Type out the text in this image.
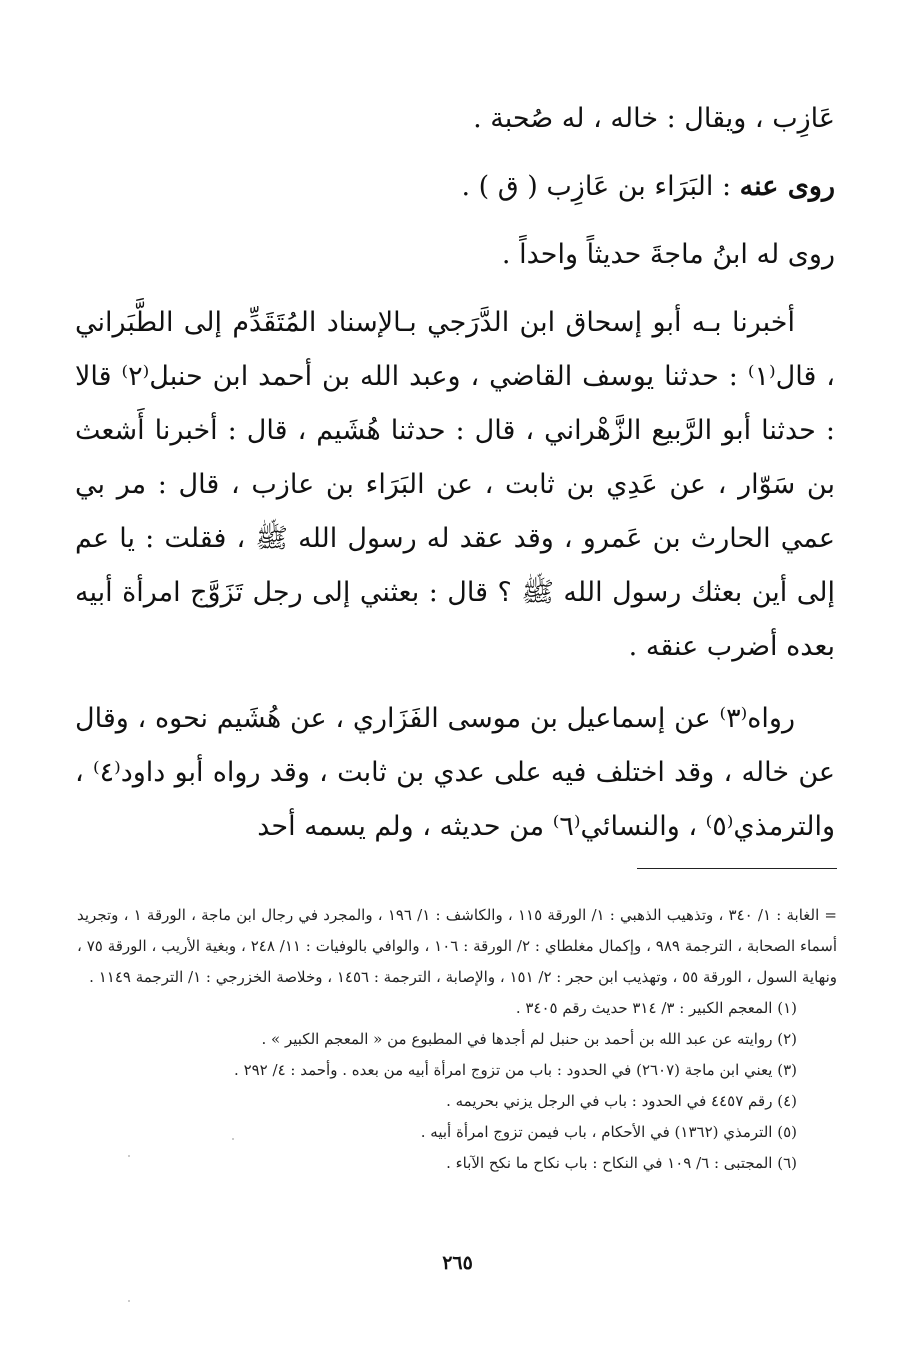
عَازِب ، ويقال : خاله ، له صُحبة .

روى عنه : البَرَاء بن عَازِب ( ق ) .

روى له ابنُ ماجةَ حديثاً واحداً .

أخبرنا بـه أبو إسحاق ابن الدَّرَجي بـالإسناد المُتَقَدِّم إلى الطَّبَراني ، قال⁽١⁾ : حدثنا يوسف القاضي ، وعبد الله بن أحمد ابن حنبل⁽٢⁾ قالا : حدثنا أبو الرَّبيع الزَّهْراني ، قال : حدثنا هُشَيم ، قال : أخبرنا أَشعث بن سَوّار ، عن عَدِي بن ثابت ، عن البَرَاء بن عازب ، قال : مر بي عمي الحارث بن عَمرو ، وقد عقد له رسول الله ﷺ ، فقلت : يا عم إلى أين بعثك رسول الله ﷺ ؟ قال : بعثني إلى رجل تَزَوَّج امرأة أبيه بعده أضرب عنقه .

رواه⁽٣⁾ عن إسماعيل بن موسى الفَزَاري ، عن هُشَيم نحوه ، وقال عن خاله ، وقد اختلف فيه على عدي بن ثابت ، وقد رواه أبو داود⁽٤⁾ ، والترمذي⁽٥⁾ ، والنسائي⁽٦⁾ من حديثه ، ولم يسمه أحد

= الغابة : ١/ ٣٤٠ ، وتذهيب الذهبي : ١/ الورقة ١١٥ ، والكاشف : ١/ ١٩٦ ، والمجرد في رجال ابن ماجة ، الورقة ١ ، وتجريد أسماء الصحابة ، الترجمة ٩٨٩ ، وإكمال مغلطاي : ٢/ الورقة : ١٠٦ ، والوافي بالوفيات : ١١/ ٢٤٨ ، وبغية الأريب ، الورقة ٧٥ ، ونهاية السول ، الورقة ٥٥ ، وتهذيب ابن حجر : ٢/ ١٥١ ، والإصابة ، الترجمة : ١٤٥٦ ، وخلاصة الخزرجي : ١/ الترجمة ١١٤٩ .

(١) المعجم الكبير : ٣/ ٣١٤ حديث رقم ٣٤٠٥ .

(٢) روايته عن عبد الله بن أحمد بن حنبل لم أجدها في المطبوع من « المعجم الكبير » .

(٣) يعني ابن ماجة (٢٦٠٧) في الحدود : باب من تزوج امرأة أبيه من بعده . وأحمد : ٤/ ٢٩٢ .

(٤) رقم ٤٤٥٧ في الحدود : باب في الرجل يزني بحريمه .

(٥) الترمذي (١٣٦٢) في الأحكام ، باب فيمن تزوج امرأة أبيه .

(٦) المجتبى : ٦/ ١٠٩ في النكاح : باب نكاح ما نكح الآباء .

٢٦٥
